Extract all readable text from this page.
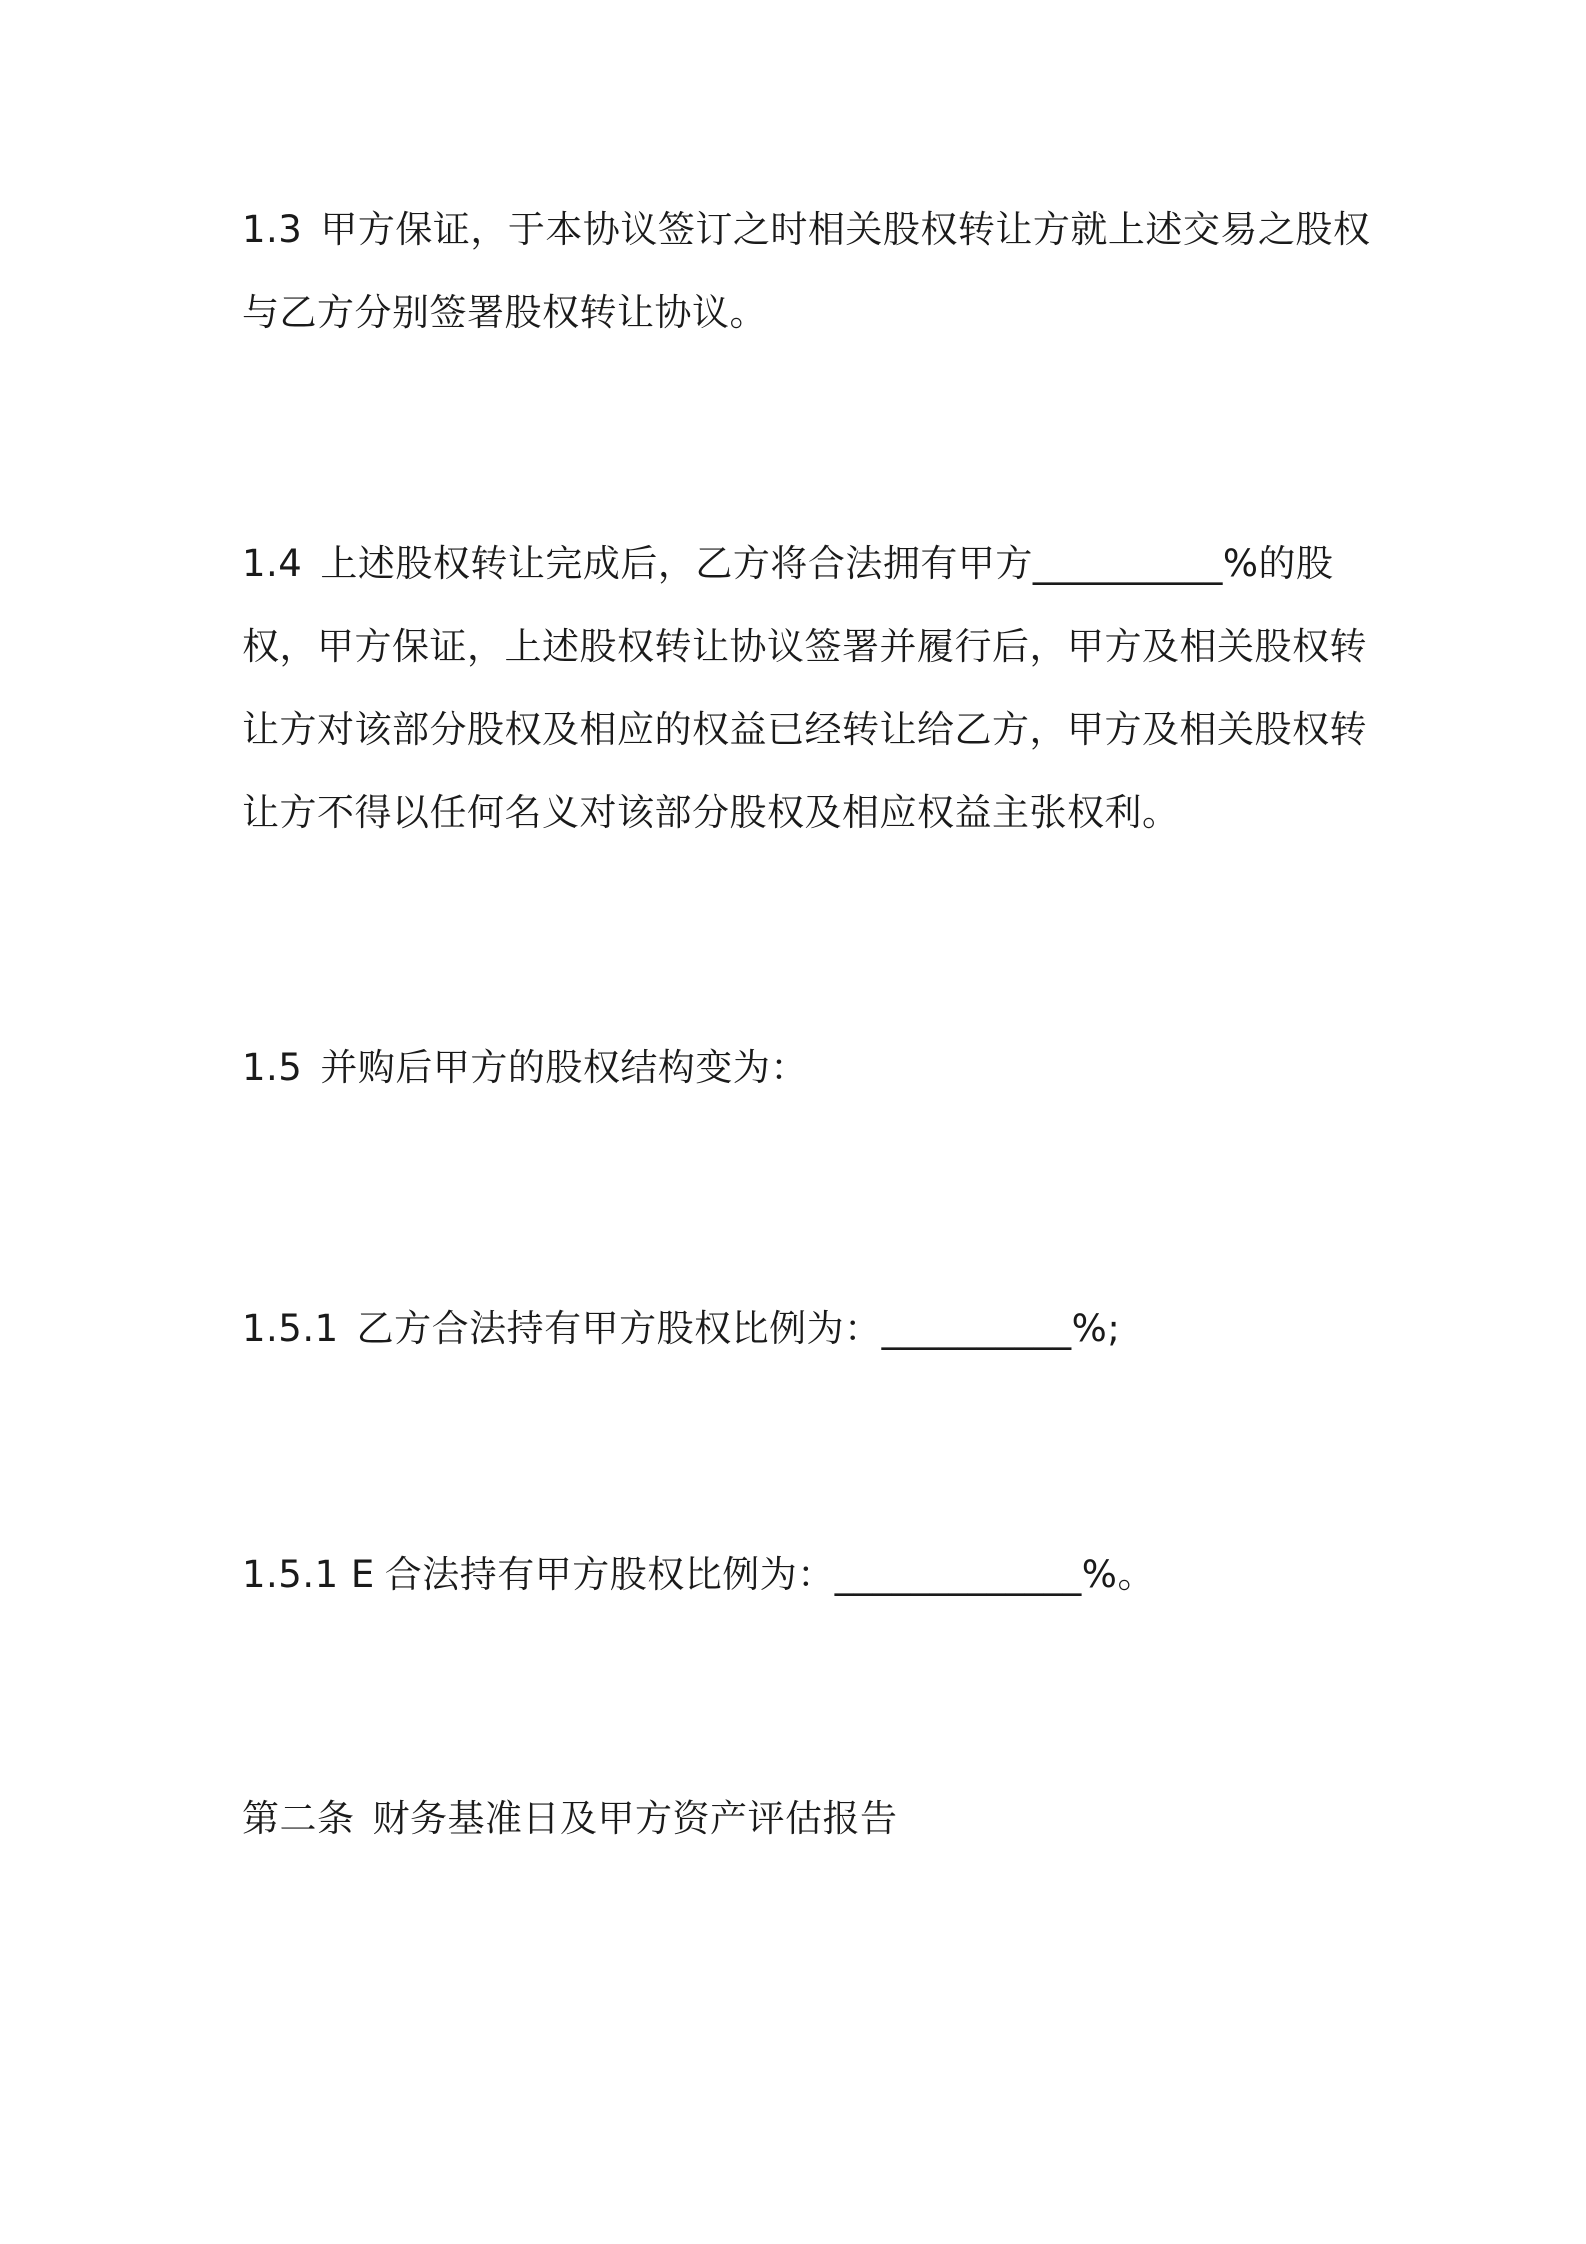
1.3 甲方保证，于本协议签订之时相关股权转让方就上述交易之股权
与乙方分别签署股权转让协议。

1.4 上述股权转让完成后，乙方将合法拥有甲方__________%的股
权，甲方保证，上述股权转让协议签署并履行后，甲方及相关股权转
让方对该部分股权及相应的权益已经转让给乙方，甲方及相关股权转
让方不得以任何名义对该部分股权及相应权益主张权利。

1.5 并购后甲方的股权结构变为：

1.5.1 乙方合法持有甲方股权比例为：__________%;

1.5.1 E 合法持有甲方股权比例为：_____________%。

第二条 财务基准日及甲方资产评估报告
